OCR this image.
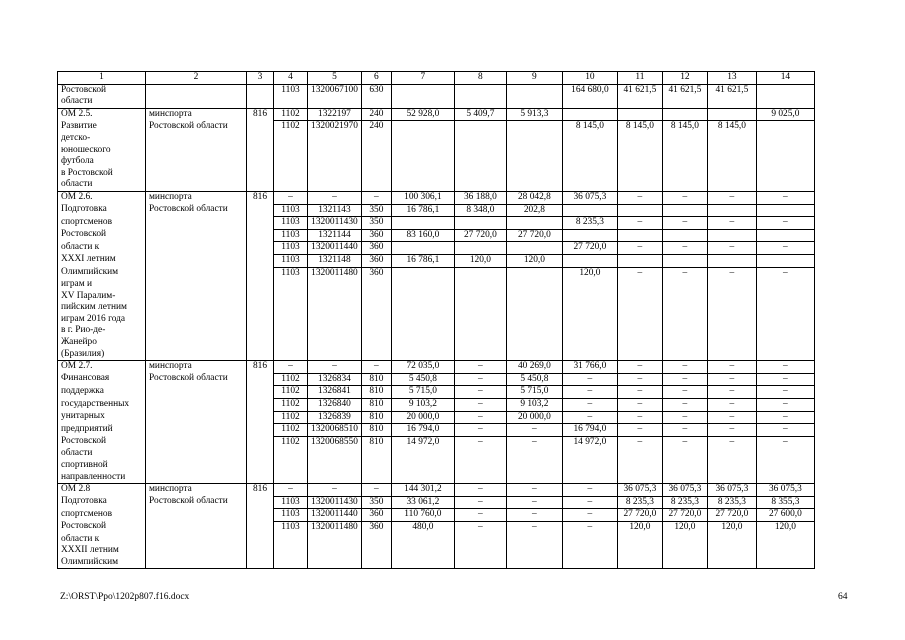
1	2	3	4	5	6	7	8	9	10	11	12	13	14
Ростовской			1103	1320067100	630				164 680,0	41 621,5	41 621,5	41 621,5	
области													
ОМ 2.5.	минспорта	816	1102	1322197	240	52 928,0	5 409,7	5 913,3					9 025,0
Развитие	Ростовской области		1102	1320021970	240				8 145,0	8 145,0	8 145,0	8 145,0	
детско-													
юношеского													
футбола													
в Ростовской													
области													
ОМ 2.6.	минспорта	816	–	–	–	100 306,1	36 188,0	28 042,8	36 075,3	–	–	–	–
Подготовка	Ростовской области		1103	1321143	350	16 786,1	8 348,0	202,8					
спортсменов			1103	1320011430	350				8 235,3	–	–	–	–
Ростовской			1103	1321144	360	83 160,0	27 720,0	27 720,0					
области к			1103	1320011440	360				27 720,0	–	–	–	–
XXXI летним			1103	1321148	360	16 786,1	120,0	120,0					
Олимпийским			1103	1320011480	360				120,0	–	–	–	–
играм и													
XV Паралим-													
пийским летним													
играм 2016 года													
в г. Рио-де-													
Жанейро													
(Бразилия)													
ОМ 2.7.	минспорта	816	–	–	–	72 035,0	–	40 269,0	31 766,0	–	–	–	–
Финансовая	Ростовской области		1102	1326834	810	5 450,8	–	5 450,8	–	–	–	–	–
поддержка			1102	1326841	810	5 715,0	–	5 715,0	–	–	–	–	–
государственных			1102	1326840	810	9 103,2	–	9 103,2	–	–	–	–	–
унитарных			1102	1326839	810	20 000,0	–	20 000,0	–	–	–	–	–
предприятий			1102	1320068510	810	16 794,0	–	–	16 794,0	–	–	–	–
Ростовской			1102	1320068550	810	14 972,0	–	–	14 972,0	–	–	–	–
области													
спортивной													
направленности													
ОМ 2.8	минспорта	816	–	–	–	144 301,2	–	–	–	36 075,3	36 075,3	36 075,3	36 075,3
Подготовка	Ростовской области		1103	1320011430	350	33 061,2	–	–	–	8 235,3	8 235,3	8 235,3	8 355,3
спортсменов			1103	1320011440	360	110 760,0	–	–	–	27 720,0	27 720,0	27 720,0	27 600,0
Ростовской			1103	1320011480	360	480,0	–	–	–	120,0	120,0	120,0	120,0
области к													
XXXII летним													
Олимпийским													
Z:\ORST\Ppo\1202p807.f16.docx	64
